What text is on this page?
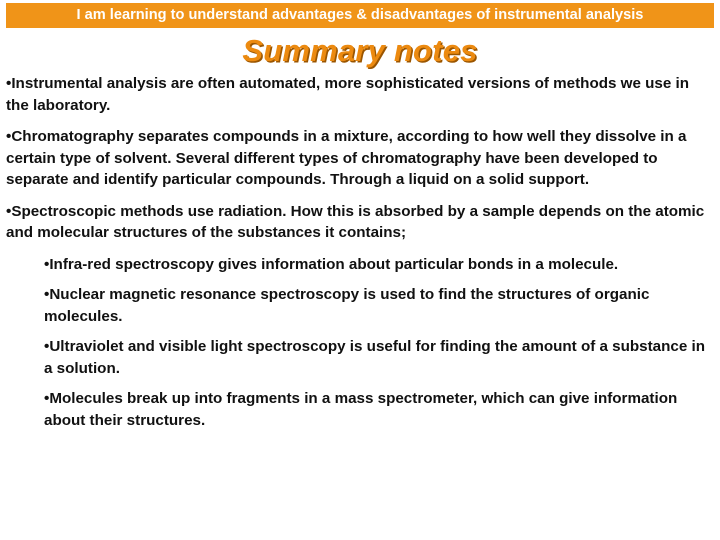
I am learning to understand advantages & disadvantages of instrumental analysis
Summary notes
•Instrumental analysis are often automated, more sophisticated versions of methods we use in the laboratory.
•Chromatography separates compounds in a mixture, according to how well they dissolve in a certain type of solvent. Several different types of chromatography have been developed to separate and identify particular compounds. Through a liquid on a solid support.
•Spectroscopic methods use radiation. How this is absorbed by a sample depends on the atomic and molecular structures of the substances it contains;
•Infra-red spectroscopy gives information about particular bonds in a molecule.
•Nuclear magnetic resonance spectroscopy is used to find the structures of organic molecules.
•Ultraviolet and visible light spectroscopy is useful for finding the amount of a substance in a solution.
•Molecules break up into fragments in a mass spectrometer, which can give information about their structures.
